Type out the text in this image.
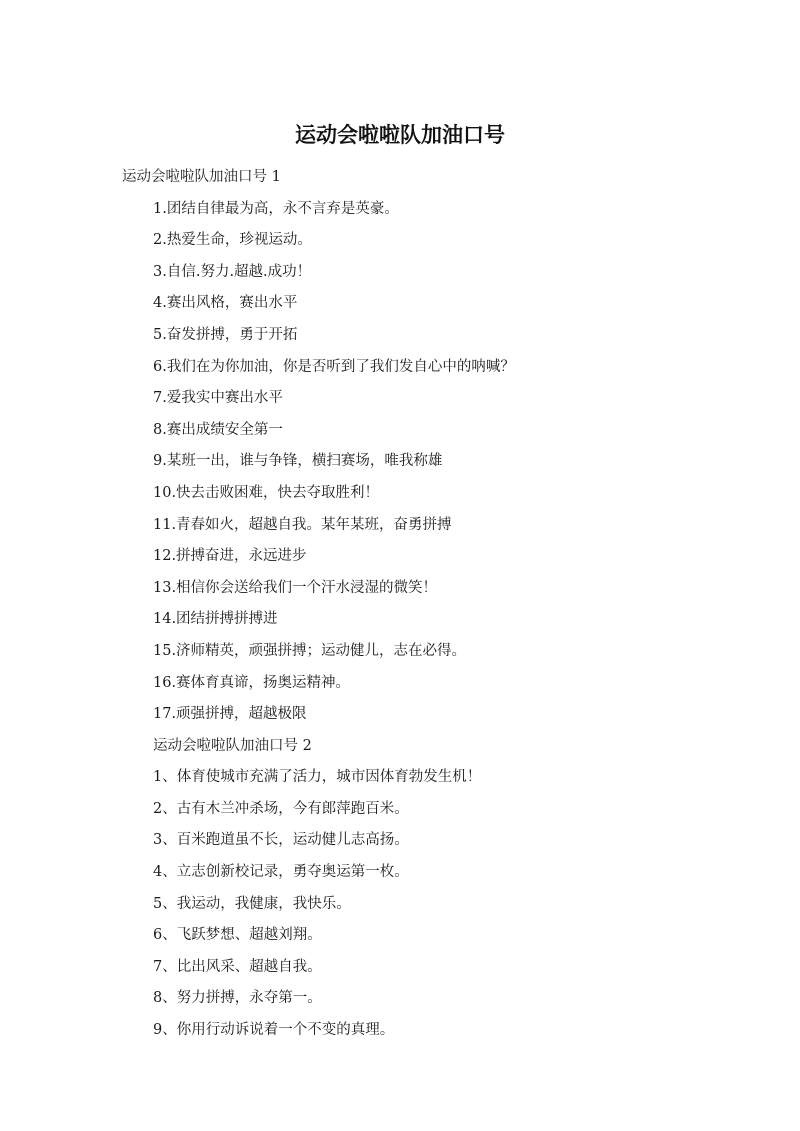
运动会啦啦队加油口号
运动会啦啦队加油口号 1
1.团结自律最为高，永不言弃是英豪。
2.热爱生命，珍视运动。
3.自信.努力.超越.成功！
4.赛出风格，赛出水平
5.奋发拼搏，勇于开拓
6.我们在为你加油，你是否听到了我们发自心中的呐喊？
7.爱我实中赛出水平
8.赛出成绩安全第一
9.某班一出，谁与争锋，横扫赛场，唯我称雄
10.快去击败困难，快去夺取胜利！
11.青春如火，超越自我。某年某班，奋勇拼搏
12.拼搏奋进，永远进步
13.相信你会送给我们一个汗水浸湿的微笑！
14.团结拼搏拼搏进
15.济师精英，顽强拼搏；运动健儿，志在必得。
16.赛体育真谛，扬奥运精神。
17.顽强拼搏，超越极限
运动会啦啦队加油口号 2
1、体育使城市充满了活力，城市因体育勃发生机！
2、古有木兰冲杀场，今有郎萍跑百米。
3、百米跑道虽不长，运动健儿志高扬。
4、立志创新校记录，勇夺奥运第一枚。
5、我运动，我健康，我快乐。
6、飞跃梦想、超越刘翔。
7、比出风采、超越自我。
8、努力拼搏，永夺第一。
9、你用行动诉说着一个不变的真理。
